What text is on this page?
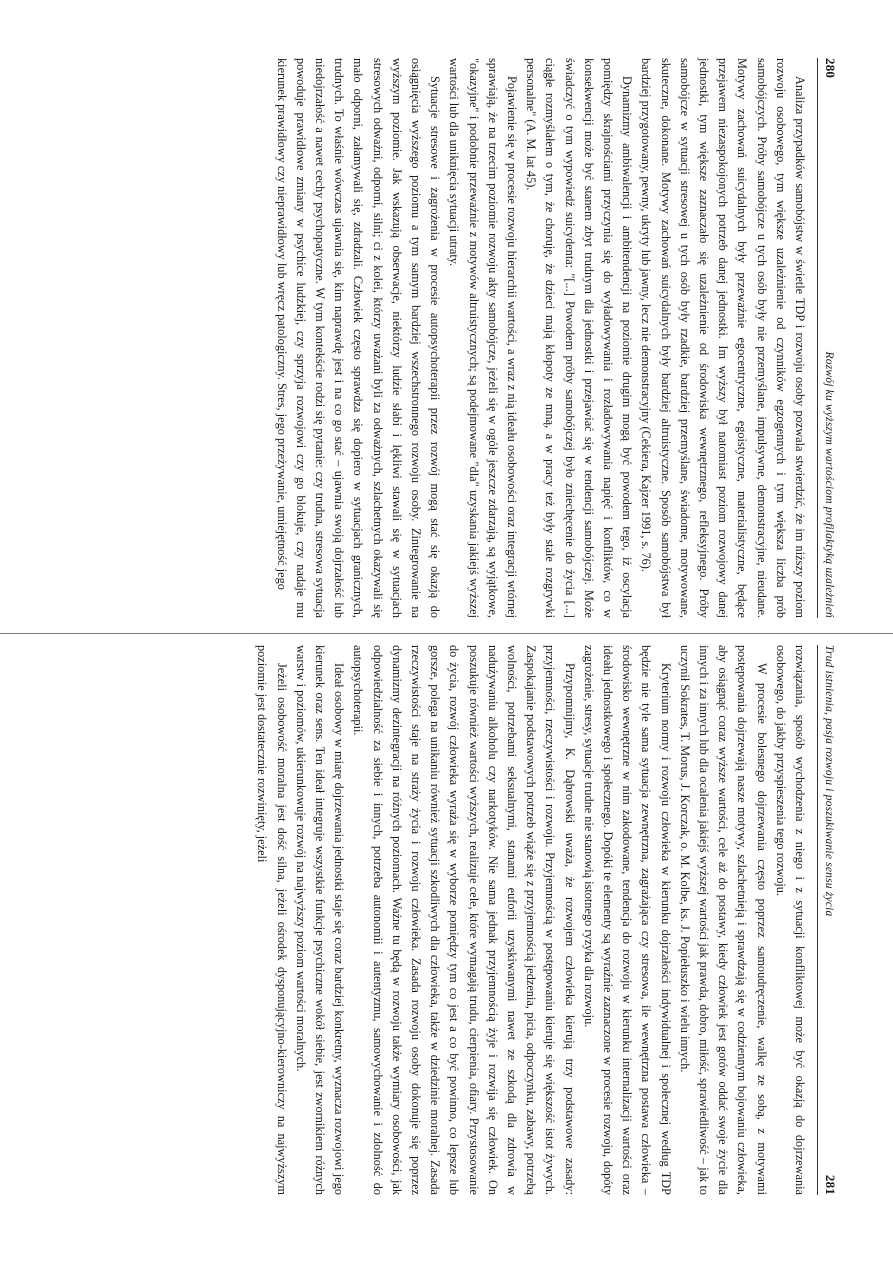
280
Rozwój ku wyższym wartościom profilaktyką uzależnień

Analiza przypadków samobójstw w świetle TDP i rozwoju osoby pozwala stwierdzić, że im niższy poziom rozwoju osobowego, tym większe uzależnienie od czynników egzogennych i tym większa liczba prób samobójczych. Próby samobójcze u tych osób były nie przemyślane, impulsywne, demonstracyjne, nieudane. Motywy zachowań suicydalnych były przeważnie egocentryczne, egoistyczne, materialistyczne, będące przejawem niezaspokojonych potrzeb danej jednostki. Im wyższy był natomiast poziom rozwojowy danej jednostki, tym większe zaznaczało się uzależnienie od środowiska wewnętrznego, refleksyjnego. Próby samobójcze w sytuacji stresowej u tych osób były rzadkie, bardziej przemyślane, świadome, motywowane, skuteczne, dokonane. Motywy zachowań suicydalnych były bardziej altruistyczne. Sposób samobójstwa był bardziej przygotowany, pewny, ukryty lub jawny, lecz nie demonstracyjny (Cekiera, Kajzer 1991, s. 76).

Dynamizmy ambiwalencji i ambitendencji na poziomie drugim mogą być powodem tego, iż oscylacja pomiędzy skrajnościami przyczynia się do wyładowywania i rozładowywania napięć i konfliktów, co w konsekwencji może być stanem zbyt trudnym dla jednostki i przejawiać się w tendencji samobójczej. Może świadczyć o tym wypowiedź suicydenta: "[...] Powodem próby samobójczej było zniechęcenie do życia [...] ciągłe rozmyślałem o tym, że choruję, że dzieci mają kłopoty ze mną, a w pracy też były stale rozgrywki personalne" (A. M. lat 45).

Pojawienie się w procesie rozwoju hierarchii wartości, a wraz z nią ideału osobowości oraz integracji wtórnej sprawiają, że na trzecim poziomie rozwoju akty samobójcze, jeżeli się w ogóle jeszcze zdarzają, są wyjątkowe, "okazyjne" i podobnie przeważnie z motywów altruistycznych; są podejmowane "dla" uzyskania jakiejś wyższej wartości lub dla uniknięcia sytuacji utraty.

Sytuacje stresowe i zagrożenia w procesie autopsychoterapii przez rozwój mogą stać się okazją do osiągnięcia wyższego poziomu a tym samym bardziej wszechstronnego rozwoju osoby. Zintegrowanie na wyższym poziomie. Jak wskazują obserwacje, niektórzy ludzie słabi i lękliwi stawali się w sytuacjach stresowych odważni, odporni, silni; ci z kolei, którzy uważani byli za odważnych, szlachetnych okazywali się mało odporni, załamywali się, zdradzali. Człowiek często sprawdza się dopiero w sytuacjach granicznych, trudnych. To właśnie wówczas ujawnia się, kim naprawdę jest i na co go stać – ujawnia swoją dojrzałość lub niedojrzałość a nawet cechy psychopatyczne. W tym kontekście rodzi się pytanie: czy trudna, stresowa sytuacja powoduje prawidłowe zmiany w psychice ludzkiej, czy sprzyja rozwojowi czy go blokuje, czy nadaje mu kierunek prawidłowy czy nieprawidłowy lub wręcz patologiczny. Stres, jego przeżywanie, umiejętność jego

Trud istnienia, pasja rozwoju i poszukiwanie sensu życia
281

rozwiązania, sposób wychodzenia z niego i z sytuacji konfliktowej może być okazją do dojrzewania osobowego, do jakby przyspieszenia tego rozwoju.

W procesie bolesnego dojrzewania często poprzez samoudręczenie, walkę ze sobą, z motywami postępowania dojrzewają nasze motywy, szlachetnieją i sprawdzają się w codziennym bojowaniu człowieka, aby osiągnąć coraz wyższe wartości, cele aż do postawy, kiedy człowiek jest gotów oddać swoje życie dla innych i za innych lub dla ocalenia jakiejś wyższej wartości jak prawda, dobro, miłość, sprawiedliwość – jak to uczynił Sokrates, T. Morus, J. Korczak, o. M. Kolbe, ks. J. Popiełuszko i wielu innych.

Kryterium normy i rozwoju człowieka w kierunku dojrzałości indywidualnej i społecznej według TDP będzie nie tyle sama sytuacja zewnętrzna, zagrażająca czy stresowa, ile wewnętrzna postawa człowieka – środowisko wewnętrzne w nim zakodowane, tendencja do rozwoju w kierunku internalizacji wartości oraz ideału jednostkowego i społecznego. Dopóki te elementy są wyraźnie zaznaczone w procesie rozwoju, dopóty zagrożenie, stresy, sytuacje trudne nie stanowią istotnego ryzyka dla rozwoju.

Przypomnijmy, K. Dąbrowski uważa, że rozwojem człowieka kierują trzy podstawowe zasady: przyjemności, rzeczywistości i rozwoju. Przyjemnością w postępowaniu kieruje się większość istot żywych. Zaspokajanie podstawowych potrzeb wiąże się z przyjemnością jedzenia, picia, odpoczynku, zabawy, potrzebą wolności, potrzebami seksualnymi, stanami euforii uzyskiwanymi nawet ze szkodą dla zdrowia w nadużywaniu alkoholu czy narkotyków. Nie sama jednak przyjemnością żyje i rozwija się człowiek. On poszukuje również wartości wyższych, realizuje cele, które wymagają trudu, cierpienia, ofiary. Przystosowanie do życia, rozwój człowieka wyraża się w wyborze pomiędzy tym co jest a co być powinno, co lepsze lub gorsze, polega na unikaniu również sytuacji szkodliwych dla człowieka, także w dziedzinie moralnej. Zasada rzeczywistości staje na straży życia i rozwoju człowieka. Zasada rozwoju osoby dokonuje się poprzez dynamizmy dezintegracji na różnych poziomach. Ważne tu będą w rozwoju także wymiary osobowości, jak odpowiedzialność za siebie i innych, potrzeba autonomii i autentyzmu, samowychowanie i zdolność do autopsychoterapii.

Ideał osobowy w miarę dojrzewania jednostki staje się coraz bardziej konkretny, wyznacza rozwojowi jego kierunek oraz sens. Ten ideał integruje wszystkie funkcje psychiczne wokół siebie, jest zwornikiem różnych warstw i poziomów, ukierunkowuje rozwój na najwyższy poziom wartości moralnych.

Jeżeli osobowość moralna jest dość silna, jeżeli ośrodek dysponującyjno-kierowniczy na najwyższym poziomie jest dostatecznie rozwinięty, jeżeli
